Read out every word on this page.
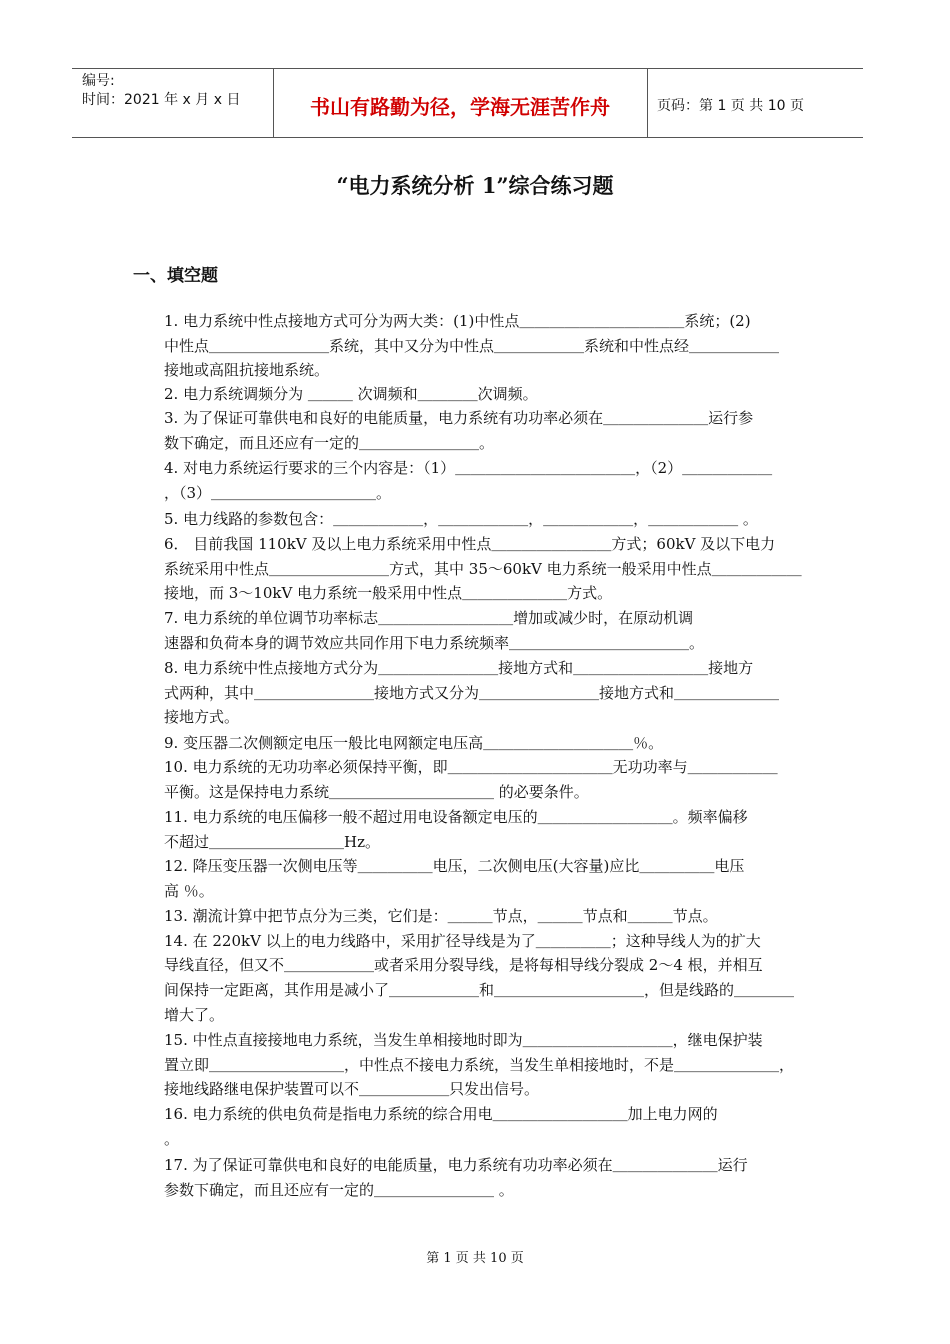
编号:
时间：2021 年 x 月 x 日	书山有路勤为径，学海无涯苦作舟	页码：第 1 页 共 10 页
“电力系统分析 1”综合练习题
一、填空题
1. 电力系统中性点接地方式可分为两大类：(1)中性点＿＿＿＿＿＿＿＿＿＿＿系统；(2)
中性点＿＿＿＿＿＿＿＿系统，其中又分为中性点＿＿＿＿＿＿系统和中性点经＿＿＿＿＿＿
接地或高阻抗接地系统。
2. 电力系统调频分为 ＿＿＿ 次调频和＿＿＿＿次调频。
3. 为了保证可靠供电和良好的电能质量，电力系统有功功率必须在＿＿＿＿＿＿＿运行参
数下确定，而且还应有一定的＿＿＿＿＿＿＿＿。
4. 对电力系统运行要求的三个内容是：（1）＿＿＿＿＿＿＿＿＿＿＿＿，（2）＿＿＿＿＿＿
，（3）＿＿＿＿＿＿＿＿＿＿＿。
5. 电力线路的参数包含：＿＿＿＿＿＿，＿＿＿＿＿＿，＿＿＿＿＿＿，＿＿＿＿＿＿ 。
6． 目前我国 110kV 及以上电力系统采用中性点＿＿＿＿＿＿＿＿方式；60kV 及以下电力
系统采用中性点＿＿＿＿＿＿＿＿方式，其中 35～60kV 电力系统一般采用中性点＿＿＿＿＿＿
接地，而 3～10kV 电力系统一般采用中性点＿＿＿＿＿＿＿方式。
7. 电力系统的单位调节功率标志＿＿＿＿＿＿＿＿＿增加或减少时，在原动机调
速器和负荷本身的调节效应共同作用下电力系统频率＿＿＿＿＿＿＿＿＿＿＿＿。
8. 电力系统中性点接地方式分为＿＿＿＿＿＿＿＿接地方式和＿＿＿＿＿＿＿＿＿接地方
式两种，其中＿＿＿＿＿＿＿＿接地方式又分为＿＿＿＿＿＿＿＿接地方式和＿＿＿＿＿＿＿
接地方式。
9. 变压器二次侧额定电压一般比电网额定电压高＿＿＿＿＿＿＿＿＿＿％。
10. 电力系统的无功功率必须保持平衡，即＿＿＿＿＿＿＿＿＿＿＿无功功率与＿＿＿＿＿＿
平衡。这是保持电力系统＿＿＿＿＿＿＿＿＿＿＿ 的必要条件。
11. 电力系统的电压偏移一般不超过用电设备额定电压的＿＿＿＿＿＿＿＿＿。频率偏移
不超过＿＿＿＿＿＿＿＿＿Hz。
12. 降压变压器一次侧电压等＿＿＿＿＿电压，二次侧电压(大容量)应比＿＿＿＿＿电压
高 ％。
13. 潮流计算中把节点分为三类，它们是：＿＿＿节点，＿＿＿节点和＿＿＿节点。
14. 在 220kV 以上的电力线路中，采用扩径导线是为了＿＿＿＿＿；这种导线人为的扩大
导线直径，但又不＿＿＿＿＿＿或者采用分裂导线，是将每相导线分裂成 2～4 根，并相互
间保持一定距离，其作用是减小了＿＿＿＿＿＿和＿＿＿＿＿＿＿＿＿＿，但是线路的＿＿＿＿
增大了。
15. 中性点直接接地电力系统，当发生单相接地时即为＿＿＿＿＿＿＿＿＿＿，继电保护装
置立即＿＿＿＿＿＿＿＿＿，中性点不接电力系统，当发生单相接地时，不是＿＿＿＿＿＿＿，
接地线路继电保护装置可以不＿＿＿＿＿＿只发出信号。
16. 电力系统的供电负荷是指电力系统的综合用电＿＿＿＿＿＿＿＿＿加上电力网的
。
17. 为了保证可靠供电和良好的电能质量，电力系统有功功率必须在＿＿＿＿＿＿＿运行
参数下确定，而且还应有一定的＿＿＿＿＿＿＿＿ 。
第 1 页 共 10 页
